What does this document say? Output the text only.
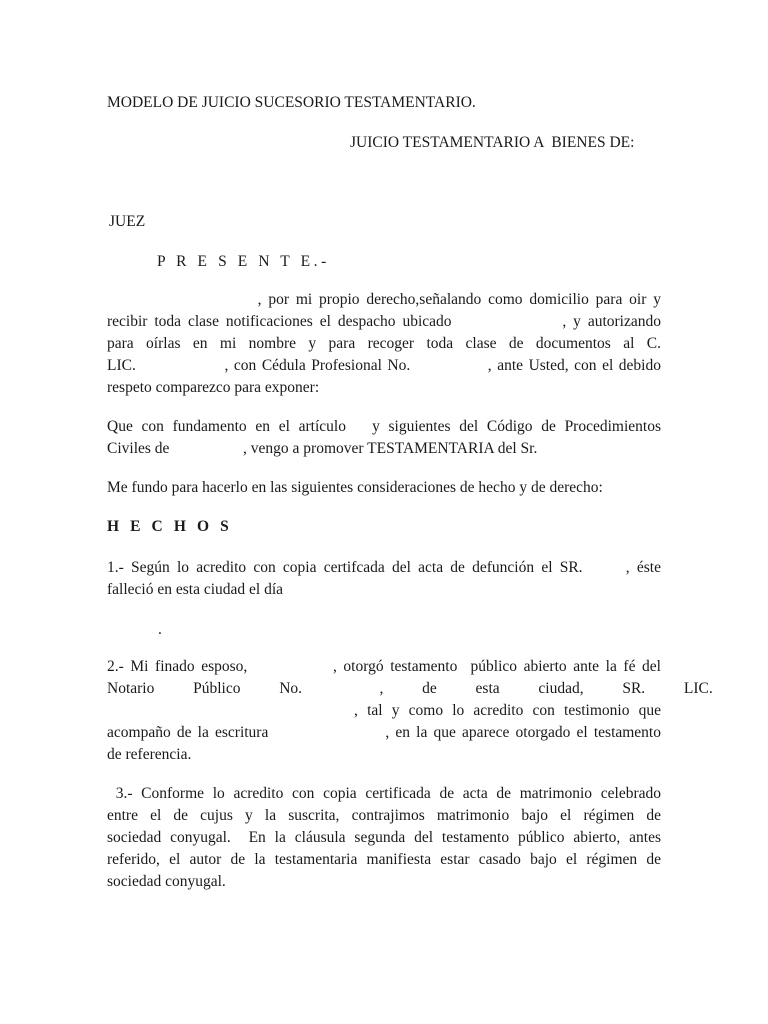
MODELO DE JUICIO SUCESORIO TESTAMENTARIO.
JUICIO TESTAMENTARIO A  BIENES DE:
JUEZ
P R E S E N T E.-
, por mi propio derecho,señalando como domicilio para oir y
recibir toda clase notificaciones el despacho ubicado                , y autorizando
para oírlas en mi nombre y para recoger toda clase de documentos al C.
LIC.                , con Cédula Profesional No.              , ante Usted, con el debido
respeto comparezco para exponer:
Que con fundamento en el artículo   y siguientes del Código de Procedimientos
Civiles de                   , vengo a promover TESTAMENTARIA del Sr.
Me fundo para hacerlo en las siguientes consideraciones de hecho y de derecho:
H E C H O S
1.- Según lo acredito con copia certifcada del acta de defunción el SR.      , éste
falleció en esta ciudad el día
.
2.- Mi finado esposo,             , otorgó testamento  público abierto ante la fé del
Notario          Público          No.                    ,          de          esta          ciudad,          SR.          LIC.
,  tal  y  como  lo  acredito  con  testimonio  que
acompaño de la escritura                   , en la que aparece otorgado el testamento
de referencia.
3.- Conforme lo acredito con copia certificada de acta de matrimonio celebrado
entre el de cujus y la suscrita, contrajimos matrimonio bajo el régimen de
sociedad conyugal.  En la cláusula segunda del testamento público abierto, antes
referido, el autor de la testamentaria manifiesta estar casado bajo el régimen de
sociedad conyugal.
